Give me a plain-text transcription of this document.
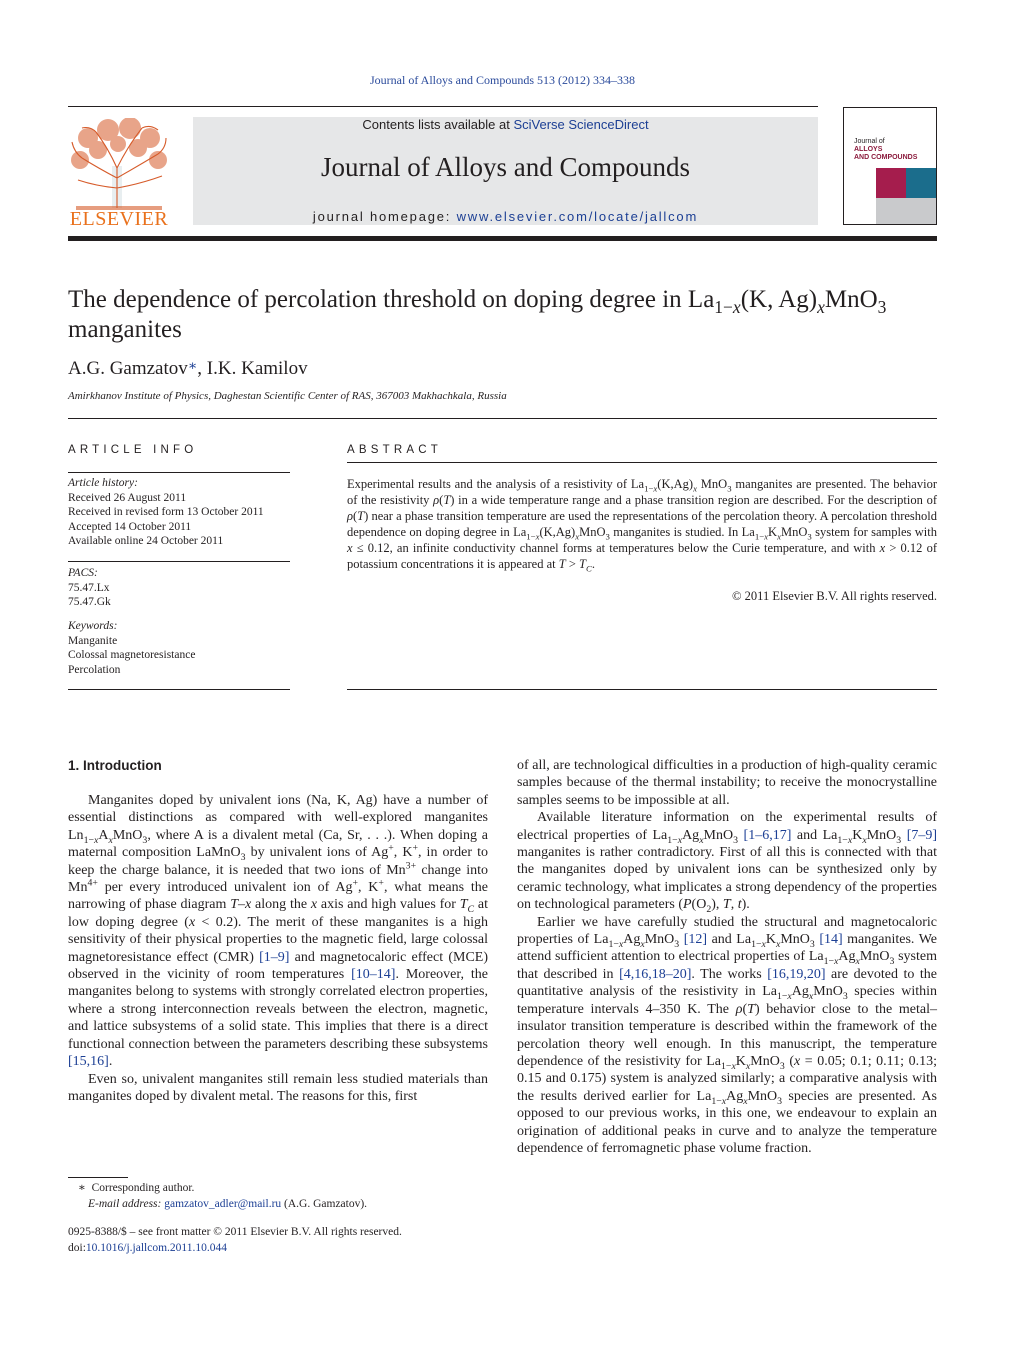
Journal of Alloys and Compounds 513 (2012) 334–338
ELSEVIER
Contents lists available at SciVerse ScienceDirect
Journal of Alloys and Compounds
journal homepage: www.elsevier.com/locate/jallcom
Journal of
ALLOYS
AND COMPOUNDS
The dependence of percolation threshold on doping degree in $La_{1-x}(K$, $Ag)_xMnO_3$
manganites
A.G. Gamzatov∗, I.K. Kamilov
Amirkhanov Institute of Physics, Daghestan Scientific Center of RAS, 367003 Makhachkala, Russia
ARTICLE INFO
Article history:
Received 26 August 2011
Received in revised form 13 October 2011
Accepted 14 October 2011
Available online 24 October 2011
PACS:
75.47.Lx
75.47.Gk
Keywords:
Manganite
Colossal magnetoresistance
Percolation
ABSTRACT
Experimental results and the analysis of a resistivity of $La_{1-x}(K,Ag)_x$ MnO$_3$ manganites are presented. The behavior of the resistivity ρ(T) in a wide temperature range and a phase transition region are described. For the description of ρ(T) near a phase transition temperature are used the representations of the percolation theory. A percolation threshold dependence on doping degree in $La_{1-x}(K,Ag)_xMnO_3$ manganites is studied. In $La_{1-x}K_xMnO_3$ system for samples with x ≤ 0.12, an infinite conductivity channel forms at temperatures below the Curie temperature, and with x > 0.12 of potassium concentrations it is appeared at $T > T_C$.
© 2011 Elsevier B.V. All rights reserved.
1. Introduction

Manganites doped by univalent ions (Na, K, Ag) have a number of essential distinctions as compared with well-explored manganites $Ln_{1-x}A_xMnO_3$, where A is a divalent metal (Ca, Sr, . . .). When doping a maternal composition LaMnO$_3$ by univalent ions of Ag+, K+, in order to keep the charge balance, it is needed that two ions of $Mn^{3+}$ change into $Mn^{4+}$ per every introduced univalent ion of Ag+, K+, what means the narrowing of phase diagram T–x along the x axis and high values for $T_C$ at low doping degree (x < 0.2). The merit of these manganites is a high sensitivity of their physical properties to the magnetic field, large colossal magnetoresistance effect (CMR) [1–9] and magnetocaloric effect (MCE) observed in the vicinity of room temperatures [10–14]. Moreover, the manganites belong to systems with strongly correlated electron properties, where a strong interconnection reveals between the electron, magnetic, and lattice subsystems of a solid state. This implies that there is a direct functional connection between the parameters describing these subsystems [15,16].

Even so, univalent manganites still remain less studied materials than manganites doped by divalent metal. The reasons for this, first

of all, are technological difficulties in a production of high-quality ceramic samples because of the thermal instability; to receive the monocrystalline samples seems to be impossible at all.

Available literature information on the experimental results of electrical properties of $La_{1-x}Ag_xMnO_3$ [1–6,17] and $La_{1-x}K_xMnO_3$ [7–9] manganites is rather contradictory. First of all this is connected with that the manganites doped by univalent ions can be synthesized only by ceramic technology, what implicates a strong dependency of the properties on technological parameters ($P(O_2)$, T, t).

Earlier we have carefully studied the structural and magnetocaloric properties of $La_{1-x}Ag_xMnO_3$ [12] and $La_{1-x}K_xMnO_3$ [14] manganites. We attend sufficient attention to electrical properties of $La_{1-x}Ag_xMnO_3$ system that described in [4,16,18–20]. The works [16,19,20] are devoted to the quantitative analysis of the resistivity in $La_{1-x}Ag_xMnO_3$ species within temperature intervals 4–350 K. The ρ(T) behavior close to the metal–insulator transition temperature is described within the framework of the percolation theory well enough. In this manuscript, the temperature dependence of the resistivity for $La_{1-x}K_xMnO_3$ (x = 0.05; 0.1; 0.11; 0.13; 0.15 and 0.175) system is analyzed similarly; a comparative analysis with the results derived earlier for $La_{1-x}Ag_xMnO_3$ species are presented. As opposed to our previous works, in this one, we endeavour to explain an origination of additional peaks in curve and to analyze the temperature dependence of ferromagnetic phase volume fraction.

∗  Corresponding author.
E-mail address: gamzatov_adler@mail.ru (A.G. Gamzatov).
0925-8388/$ – see front matter © 2011 Elsevier B.V. All rights reserved.
doi:10.1016/j.jallcom.2011.10.044
